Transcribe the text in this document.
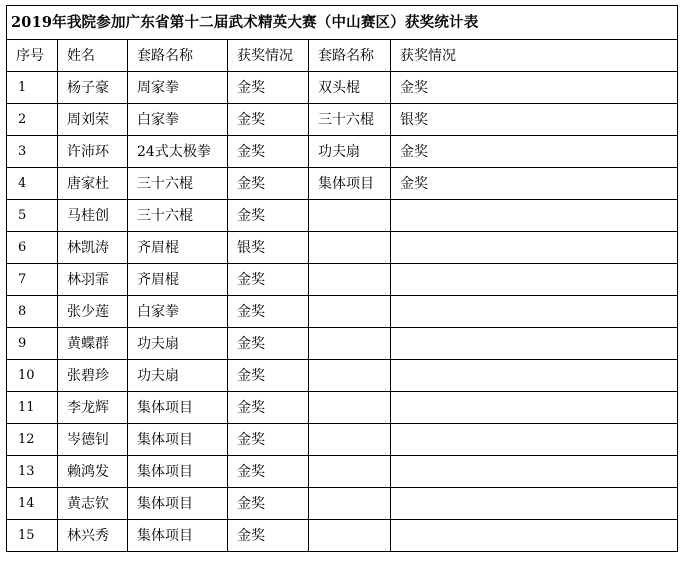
2019年我院参加广东省第十二届武术精英大赛（中山赛区）获奖统计表					
序号	姓名	套路名称	获奖情况	套路名称	获奖情况
1	杨子豪	周家拳	金奖	双头棍	金奖
2	周刘荣	白家拳	金奖	三十六棍	银奖
3	许沛环	24式太极拳	金奖	功夫扇	金奖
4	唐家杜	三十六棍	金奖	集体项目	金奖
5	马桂创	三十六棍	金奖		
6	林凯涛	齐眉棍	银奖		
7	林羽霏	齐眉棍	金奖		
8	张少莲	白家拳	金奖		
9	黄蝶群	功夫扇	金奖		
10	张碧珍	功夫扇	金奖		
11	李龙辉	集体项目	金奖		
12	岑德钊	集体项目	金奖		
13	赖鸿发	集体项目	金奖		
14	黄志钦	集体项目	金奖		
15	林兴秀	集体项目	金奖		
